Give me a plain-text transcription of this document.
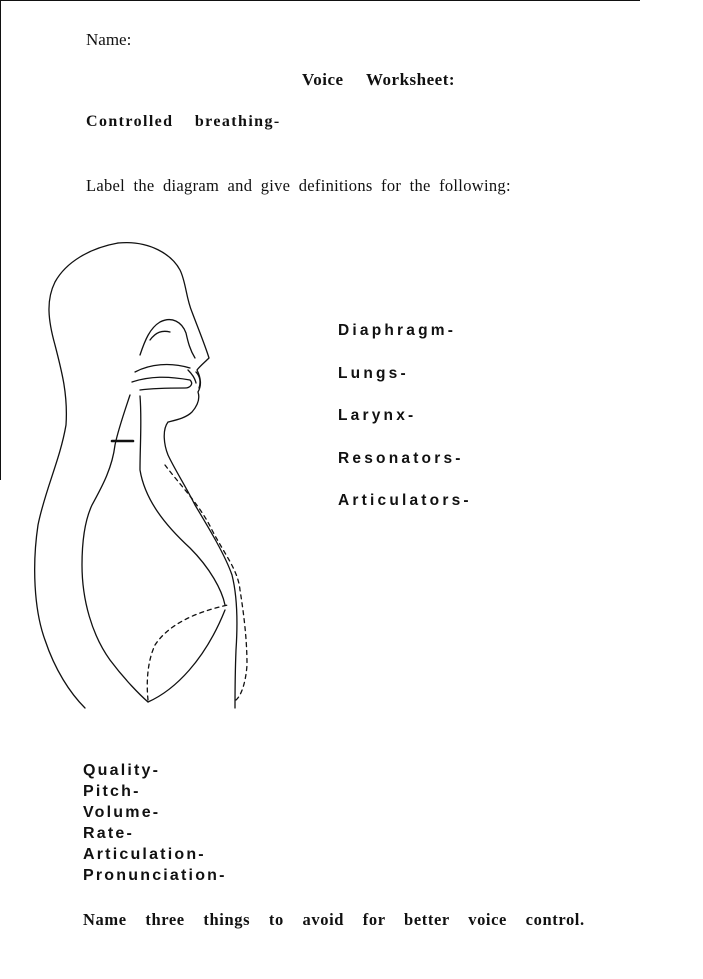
Name:
Voice Worksheet:
Controlled breathing-
Label the diagram and give definitions for the following:
Diaphragm-
Lungs-
Larynx-
Resonators-
Articulators-
Quality-
Pitch-
Volume-
Rate-
Articulation-
Pronunciation-
Name three things to avoid for better voice control.
